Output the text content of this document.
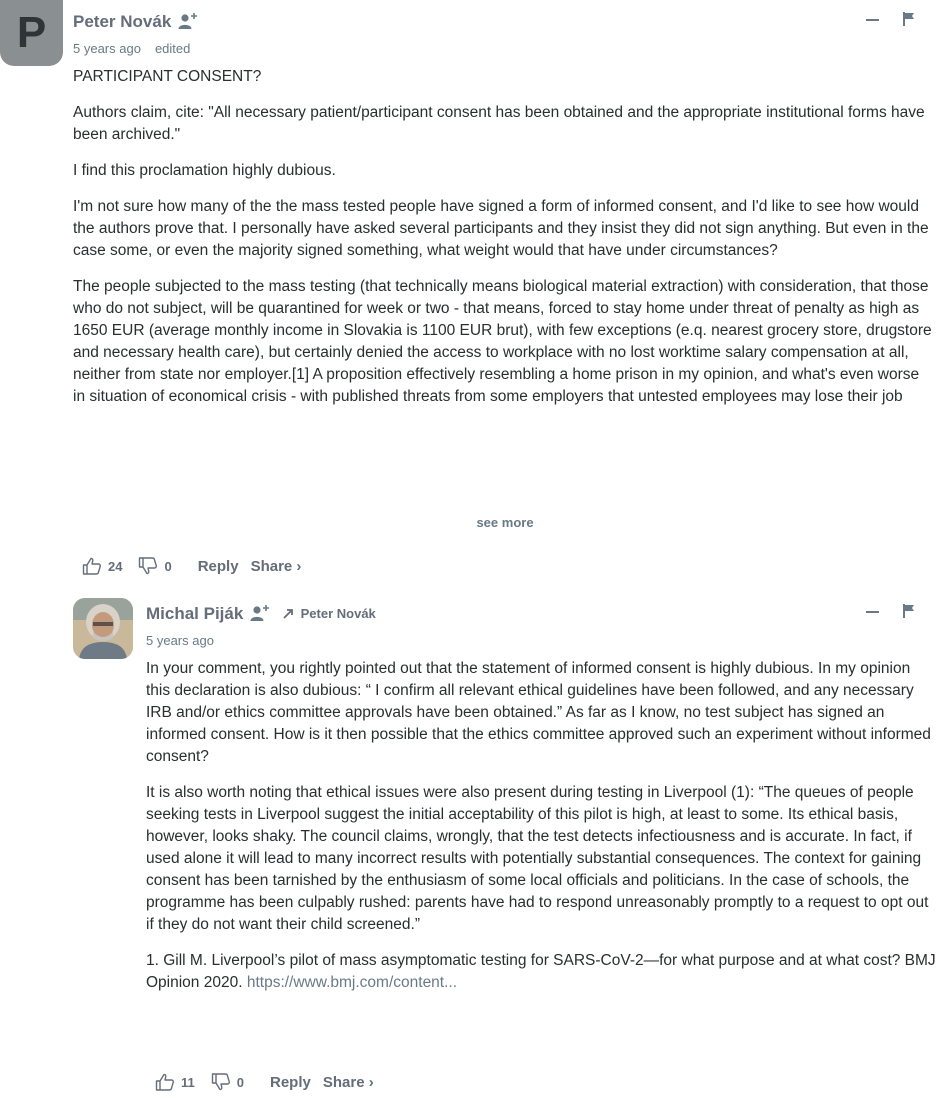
P	Peter Novák
5 years ago edited

PARTICIPANT CONSENT?

Authors claim, cite: "All necessary patient/participant consent has been obtained and the appropriate institutional forms have been archived."

I find this proclamation highly dubious.

I'm not sure how many of the the mass tested people have signed a form of informed consent, and I'd like to see how would the authors prove that. I personally have asked several participants and they insist they did not sign anything. But even in the case some, or even the majority signed something, what weight would that have under circumstances?

The people subjected to the mass testing (that technically means biological material extraction) with consideration, that those who do not subject, will be quarantined for week or two - that means, forced to stay home under threat of penalty as high as 1650 EUR (average monthly income in Slovakia is 1100 EUR brut), with few exceptions (e.q. nearest grocery store, drugstore and necessary health care), but certainly denied the access to workplace with no lost worktime salary compensation at all, neither from state nor employer.[1] A proposition effectively resembling a home prison in my opinion, and what's even worse in situation of economical crisis - with published threats from some employers that untested employees may lose their job

see more
24	0 Reply Share ›
Michal Piják	Peter Novák
5 years ago

In your comment, you rightly pointed out that the statement of informed consent is highly dubious. In my opinion this declaration is also dubious: “ I confirm all relevant ethical guidelines have been followed, and any necessary IRB and/or ethics committee approvals have been obtained.” As far as I know, no test subject has signed an informed consent. How is it then possible that the ethics committee approved such an experiment without informed consent?

It is also worth noting that ethical issues were also present during testing in Liverpool (1): “The queues of people seeking tests in Liverpool suggest the initial acceptability of this pilot is high, at least to some. Its ethical basis, however, looks shaky. The council claims, wrongly, that the test detects infectiousness and is accurate. In fact, if used alone it will lead to many incorrect results with potentially substantial consequences. The context for gaining consent has been tarnished by the enthusiasm of some local officials and politicians. In the case of schools, the programme has been culpably rushed: parents have had to respond unreasonably promptly to a request to opt out if they do not want their child screened.”

1. Gill M. Liverpool’s pilot of mass asymptomatic testing for SARS-CoV-2—for what purpose and at what cost? BMJ Opinion 2020. https://www.bmj.com/content...

11	0 Reply Share ›
